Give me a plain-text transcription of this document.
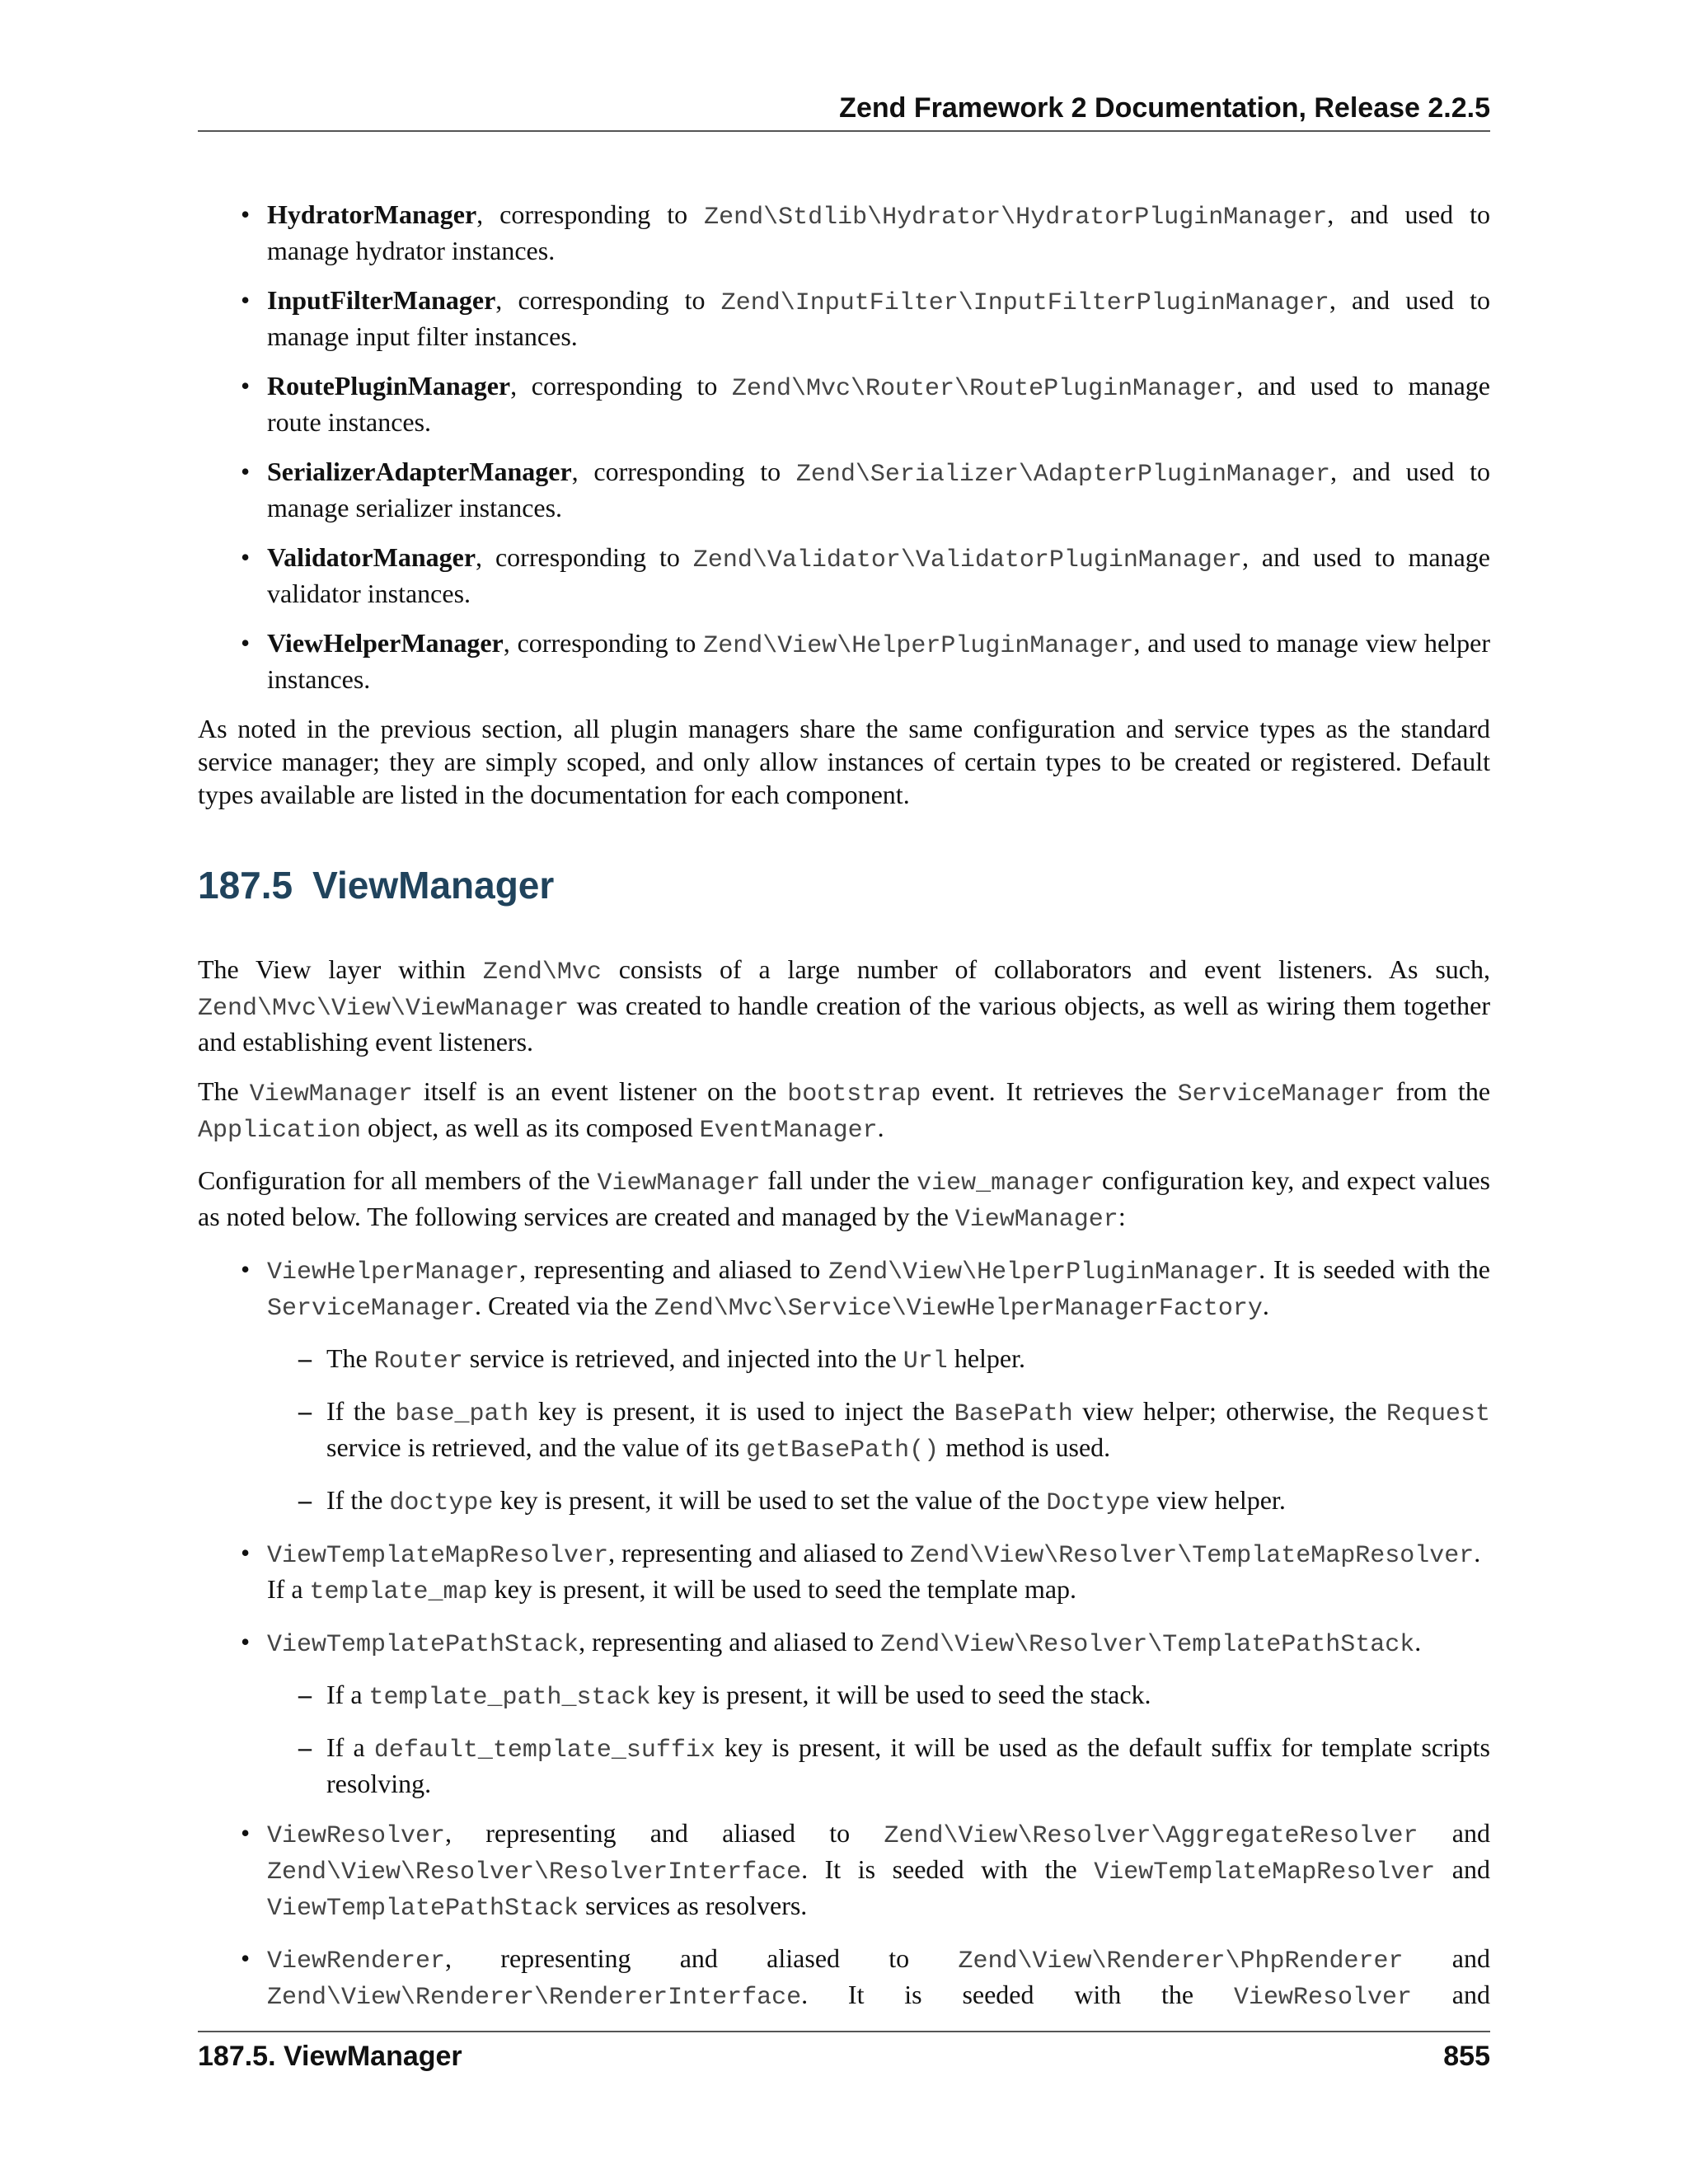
Zend Framework 2 Documentation, Release 2.2.5
• HydratorManager, corresponding to Zend\Stdlib\Hydrator\HydratorPluginManager, and used to manage hydrator instances.
• InputFilterManager, corresponding to Zend\InputFilter\InputFilterPluginManager, and used to manage input filter instances.
• RoutePluginManager, corresponding to Zend\Mvc\Router\RoutePluginManager, and used to manage route instances.
• SerializerAdapterManager, corresponding to Zend\Serializer\AdapterPluginManager, and used to manage serializer instances.
• ValidatorManager, corresponding to Zend\Validator\ValidatorPluginManager, and used to manage validator instances.
• ViewHelperManager, corresponding to Zend\View\HelperPluginManager, and used to manage view helper instances.

As noted in the previous section, all plugin managers share the same configuration and service types as the standard service manager; they are simply scoped, and only allow instances of certain types to be created or registered. Default types available are listed in the documentation for each component.

187.5 ViewManager

The View layer within Zend\Mvc consists of a large number of collaborators and event listeners. As such, Zend\Mvc\View\ViewManager was created to handle creation of the various objects, as well as wiring them together and establishing event listeners.

The ViewManager itself is an event listener on the bootstrap event. It retrieves the ServiceManager from the Application object, as well as its composed EventManager.

Configuration for all members of the ViewManager fall under the view_manager configuration key, and expect values as noted below. The following services are created and managed by the ViewManager:

• ViewHelperManager, representing and aliased to Zend\View\HelperPluginManager. It is seeded with the ServiceManager. Created via the Zend\Mvc\Service\ViewHelperManagerFactory.
– The Router service is retrieved, and injected into the Url helper.
– If the base_path key is present, it is used to inject the BasePath view helper; otherwise, the Request service is retrieved, and the value of its getBasePath() method is used.
– If the doctype key is present, it will be used to set the value of the Doctype view helper.
• ViewTemplateMapResolver, representing and aliased to Zend\View\Resolver\TemplateMapResolver.
If a template_map key is present, it will be used to seed the template map.
• ViewTemplatePathStack, representing and aliased to Zend\View\Resolver\TemplatePathStack.
– If a template_path_stack key is present, it will be used to seed the stack.
– If a default_template_suffix key is present, it will be used as the default suffix for template scripts resolving.
• ViewResolver, representing and aliased to Zend\View\Resolver\AggregateResolver and Zend\View\Resolver\ResolverInterface. It is seeded with the ViewTemplateMapResolver and ViewTemplatePathStack services as resolvers.
• ViewRenderer, representing and aliased to Zend\View\Renderer\PhpRenderer and Zend\View\Renderer\RendererInterface. It is seeded with the ViewResolver and
187.5. ViewManager	855
